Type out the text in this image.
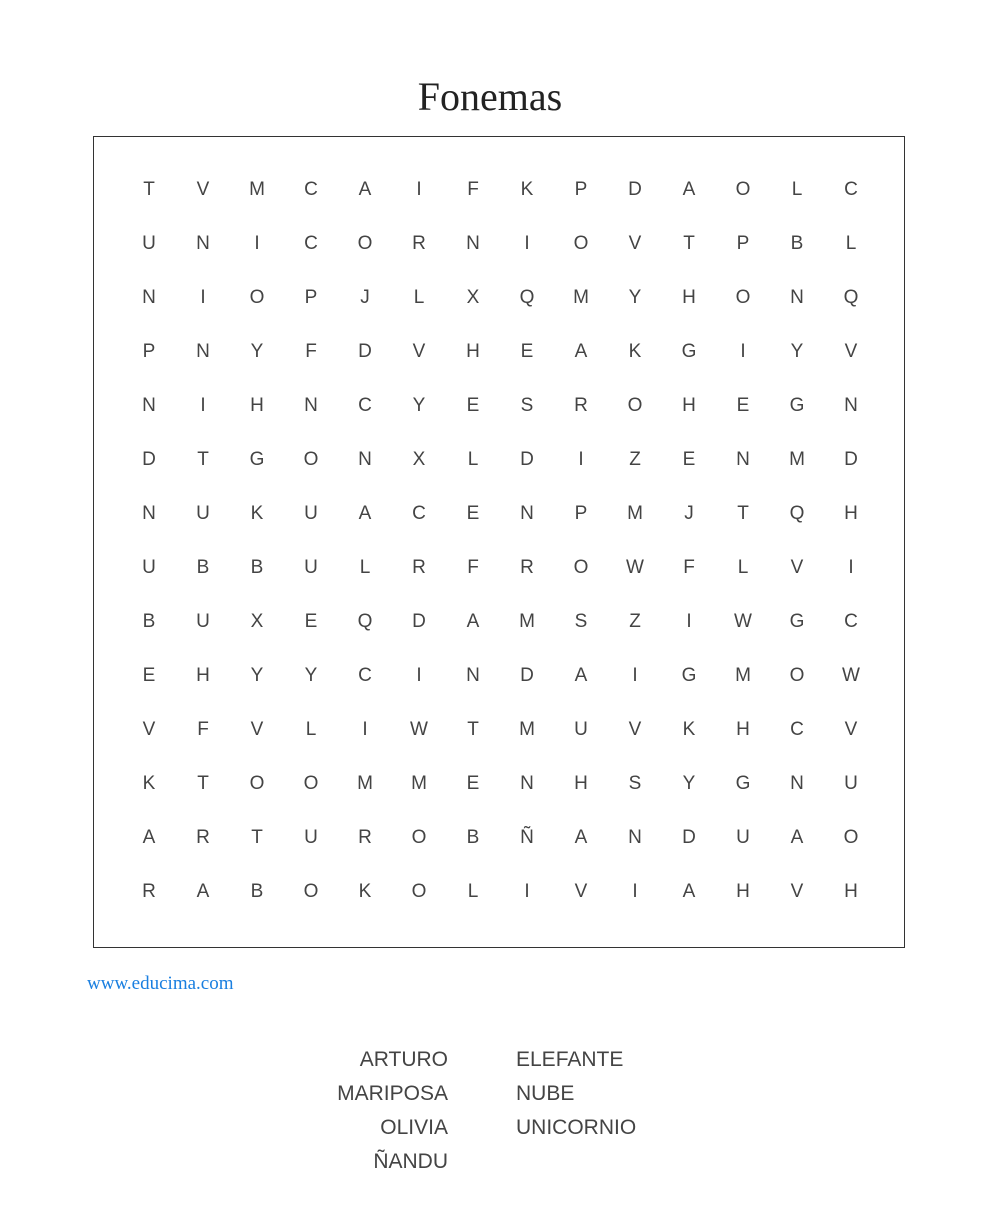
Fonemas
T	V	M	C	A	I	F	K	P	D	A	O	L	C
U	N	I	C	O	R	N	I	O	V	T	P	B	L
N	I	O	P	J	L	X	Q	M	Y	H	O	N	Q
P	N	Y	F	D	V	H	E	A	K	G	I	Y	V
N	I	H	N	C	Y	E	S	R	O	H	E	G	N
D	T	G	O	N	X	L	D	I	Z	E	N	M	D
N	U	K	U	A	C	E	N	P	M	J	T	Q	H
U	B	B	U	L	R	F	R	O	W	F	L	V	I
B	U	X	E	Q	D	A	M	S	Z	I	W	G	C
E	H	Y	Y	C	I	N	D	A	I	G	M	O	W
V	F	V	L	I	W	T	M	U	V	K	H	C	V
K	T	O	O	M	M	E	N	H	S	Y	G	N	U
A	R	T	U	R	O	B	Ñ	A	N	D	U	A	O
R	A	B	O	K	O	L	I	V	I	A	H	V	H
www.educima.com
ARTURO
MARIPOSA
OLIVIA
ÑANDU
ELEFANTE
NUBE
UNICORNIO
